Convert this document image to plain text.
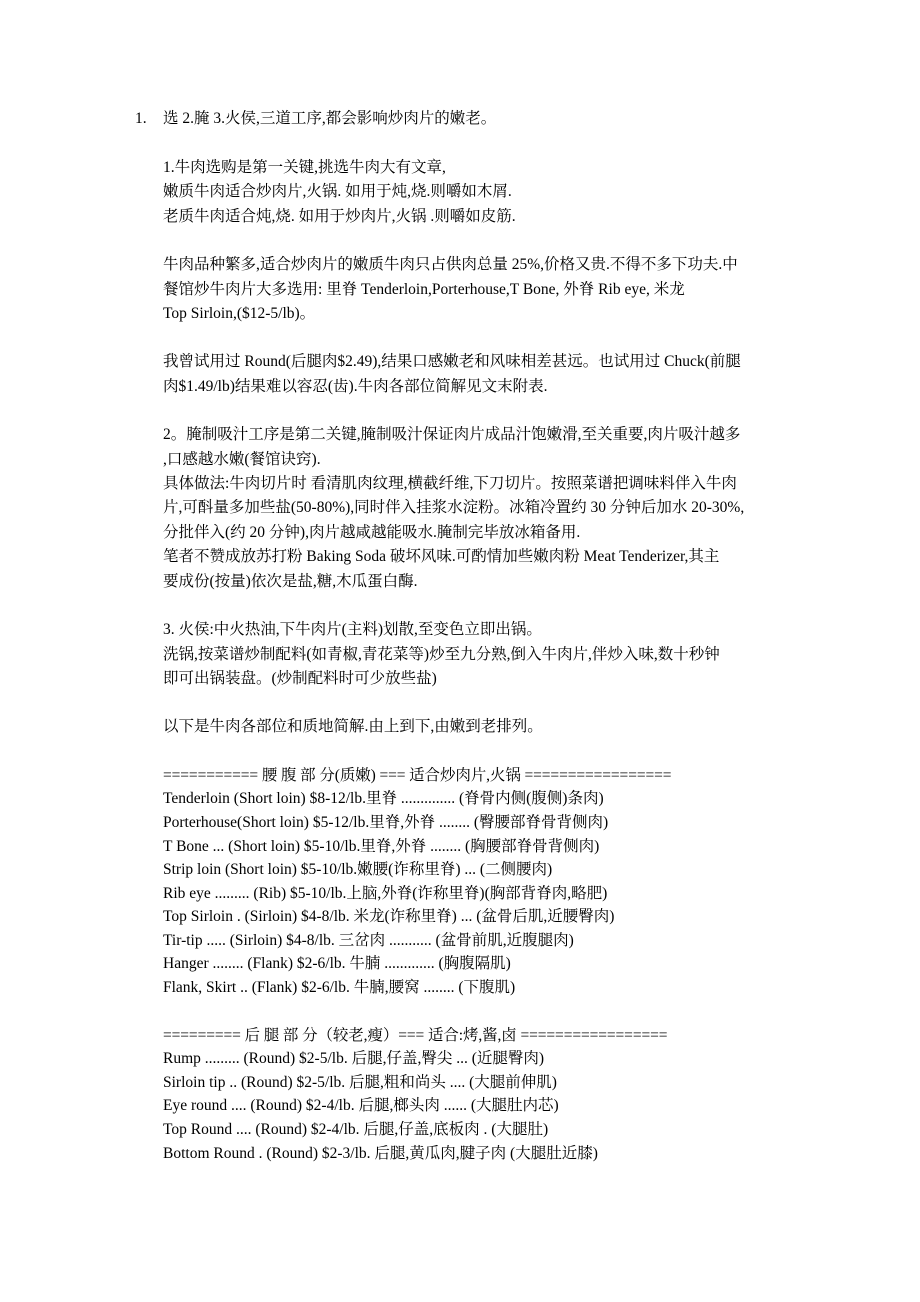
1. 选 2.腌 3.火侯,三道工序,都会影响炒肉片的嫩老。
1.牛肉选购是第一关键,挑选牛肉大有文章,
嫩质牛肉适合炒肉片,火锅. 如用于炖,烧.则嚼如木屑.
老质牛肉适合炖,烧. 如用于炒肉片,火锅 .则嚼如皮筋.
牛肉品种繁多,适合炒肉片的嫩质牛肉只占供肉总量 25%,价格又贵.不得不多下功夫.中
餐馆炒牛肉片大多选用: 里脊 Tenderloin,Porterhouse,T Bone, 外脊 Rib eye, 米龙
Top Sirloin,($12-5/lb)。
我曾试用过 Round(后腿肉$2.49),结果口感嫩老和风味相差甚远。也试用过 Chuck(前腿
肉$1.49/lb)结果难以容忍(齿).牛肉各部位简解见文末附表.
2。腌制吸汁工序是第二关键,腌制吸汁保证肉片成品汁饱嫩滑,至关重要,肉片吸汁越多
,口感越水嫩(餐馆诀窍).
具体做法:牛肉切片时 看清肌肉纹理,横截纤维,下刀切片。按照菜谱把调味料伴入牛肉
片,可酙量多加些盐(50-80%),同时伴入挂浆水淀粉。冰箱冷置约 30 分钟后加水 20-30%,
分批伴入(约 20 分钟),肉片越咸越能吸水.腌制完毕放冰箱备用.
笔者不赞成放苏打粉 Baking Soda 破坏风味.可酌情加些嫩肉粉 Meat Tenderizer,其主
要成份(按量)依次是盐,糖,木瓜蛋白酶.
3. 火侯:中火热油,下牛肉片(主料)划散,至变色立即出锅。
洗锅,按菜谱炒制配料(如青椒,青花菜等)炒至九分熟,倒入牛肉片,伴炒入味,数十秒钟
即可出锅装盘。(炒制配料时可少放些盐)
以下是牛肉各部位和质地简解.由上到下,由嫩到老排列。
=========== 腰 腹 部 分(质嫩) === 适合炒肉片,火锅 =================
Tenderloin (Short loin) $8-12/lb.里脊 .............. (脊骨内侧(腹侧)条肉)
Porterhouse(Short loin) $5-12/lb.里脊,外脊 ........ (臀腰部脊骨背侧肉)
T Bone ... (Short loin) $5-10/lb.里脊,外脊 ........ (胸腰部脊骨背侧肉)
Strip loin (Short loin) $5-10/lb.嫩腰(诈称里脊) ... (二侧腰肉)
Rib eye ......... (Rib) $5-10/lb.上脑,外脊(诈称里脊)(胸部背脊肉,略肥)
Top Sirloin . (Sirloin) $4-8/lb. 米龙(诈称里脊) ... (盆骨后肌,近腰臀肉)
Tir-tip ..... (Sirloin) $4-8/lb. 三岔肉 ........... (盆骨前肌,近腹腿肉)
Hanger ........ (Flank) $2-6/lb. 牛腩 ............. (胸腹隔肌)
Flank, Skirt .. (Flank) $2-6/lb. 牛腩,腰窝 ........ (下腹肌)
========= 后 腿 部 分（较老,瘦）=== 适合:烤,酱,卤 =================
Rump ......... (Round) $2-5/lb. 后腿,仔盖,臀尖 ... (近腿臀肉)
Sirloin tip .. (Round) $2-5/lb. 后腿,粗和尚头 .... (大腿前伸肌)
Eye round .... (Round) $2-4/lb. 后腿,榔头肉 ...... (大腿肚内芯)
Top Round .... (Round) $2-4/lb. 后腿,仔盖,底板肉 . (大腿肚)
Bottom Round . (Round) $2-3/lb. 后腿,黄瓜肉,腱子肉 (大腿肚近膝)
